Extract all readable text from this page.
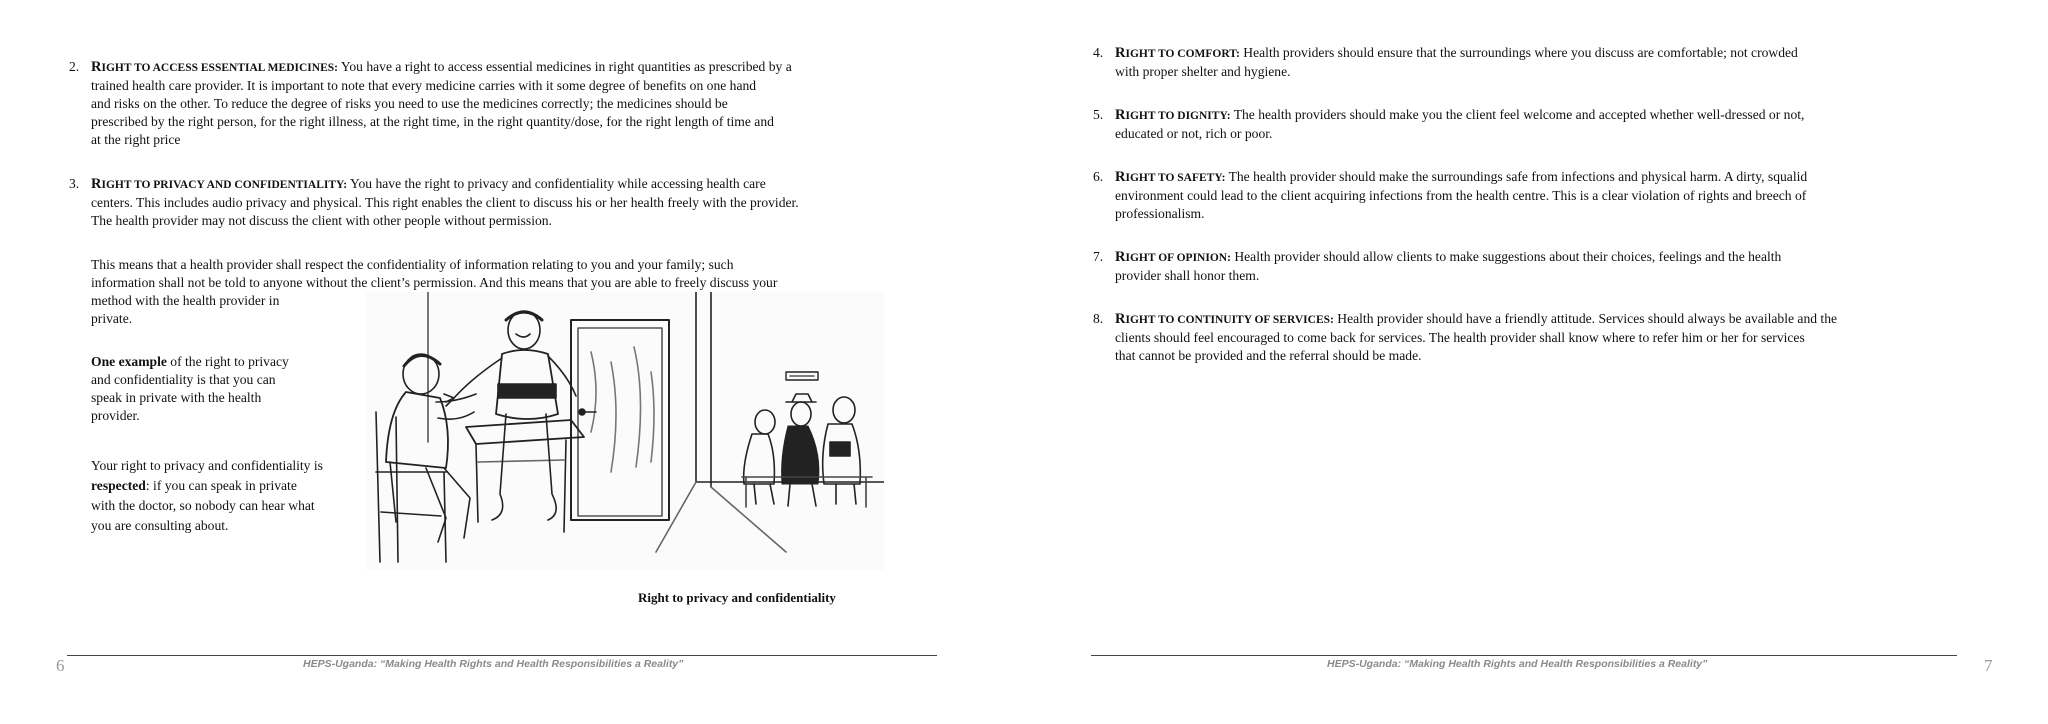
2. RIGHT TO ACCESS ESSENTIAL MEDICINES: You have a right to access essential medicines in right quantities as prescribed by a
trained health care provider. It is important to note that every medicine carries with it some degree of benefits on one hand
and risks on the other. To reduce the degree of risks you need to use the medicines correctly; the medicines should be
prescribed by the right person, for the right illness, at the right time, in the right quantity/dose, for the right length of time and
at the right price
3. RIGHT TO PRIVACY AND CONFIDENTIALITY: You have the right to privacy and confidentiality while accessing health care
centers. This includes audio privacy and physical. This right enables the client to discuss his or her health freely with the provider.
The health provider may not discuss the client with other people without permission.
This means that a health provider shall respect the confidentiality of information relating to you and your family; such
information shall not be told to anyone without the client’s permission. And this means that you are able to freely discuss your
method with the health provider in
private.
One example of the right to privacy
and confidentiality is that you can
speak in private with the health
provider.
Your right to privacy and confidentiality is
respected: if you can speak in private
with the doctor, so nobody can hear what
you are consulting about.
Right to privacy and confidentiality
HEPS-Uganda: “Making Health Rights and Health Responsibilities a Reality”
6
4. RIGHT TO COMFORT: Health providers should ensure that the surroundings where you discuss are comfortable; not crowded
with proper shelter and hygiene.
5. RIGHT TO DIGNITY: The health providers should make you the client feel welcome and accepted whether well-dressed or not,
educated or not, rich or poor.
6. RIGHT TO SAFETY: The health provider should make the surroundings safe from infections and physical harm. A dirty, squalid
environment could lead to the client acquiring infections from the health centre. This is a clear violation of rights and breech of
professionalism.
7. RIGHT OF OPINION: Health provider should allow clients to make suggestions about their choices, feelings and the health
provider shall honor them.
8. RIGHT TO CONTINUITY OF SERVICES: Health provider should have a friendly attitude. Services should always be available and the
clients should feel encouraged to come back for services. The health provider shall know where to refer him or her for services
that cannot be provided and the referral should be made.
HEPS-Uganda: “Making Health Rights and Health Responsibilities a Reality”	7
